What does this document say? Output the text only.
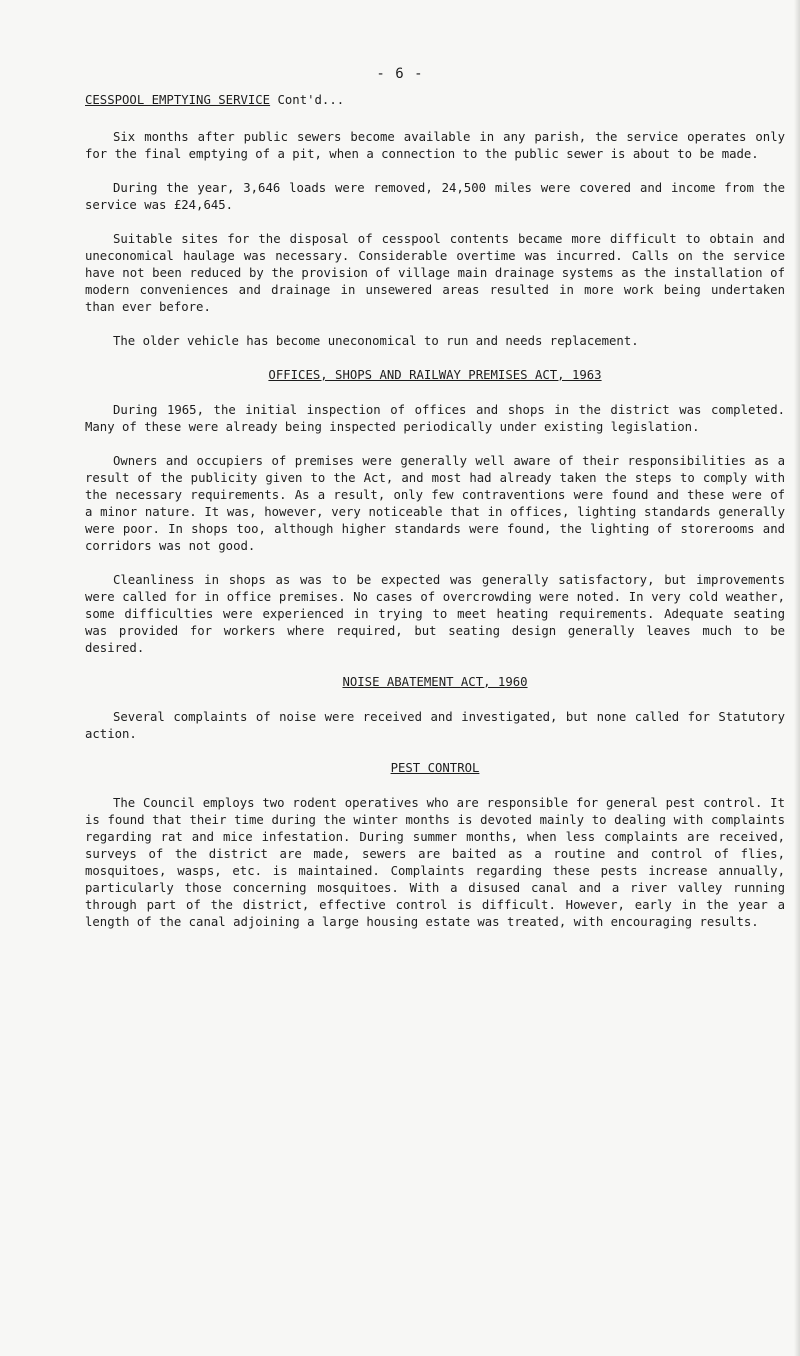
- 6 -
CESSPOOL EMPTYING SERVICE Cont'd...

Six months after public sewers become available in any parish, the service operates only for the final emptying of a pit, when a connection to the public sewer is about to be made.

During the year, 3,646 loads were removed, 24,500 miles were covered and income from the service was £24,645.

Suitable sites for the disposal of cesspool contents became more difficult to obtain and uneconomical haulage was necessary. Considerable overtime was incurred. Calls on the service have not been reduced by the provision of village main drainage systems as the installation of modern conveniences and drainage in unsewered areas resulted in more work being undertaken than ever before.

The older vehicle has become uneconomical to run and needs replacement.

OFFICES, SHOPS AND RAILWAY PREMISES ACT, 1963

During 1965, the initial inspection of offices and shops in the district was completed. Many of these were already being inspected periodically under existing legislation.

Owners and occupiers of premises were generally well aware of their responsibilities as a result of the publicity given to the Act, and most had already taken the steps to comply with the necessary requirements. As a result, only few contraventions were found and these were of a minor nature. It was, however, very noticeable that in offices, lighting standards generally were poor. In shops too, although higher standards were found, the lighting of storerooms and corridors was not good.

Cleanliness in shops as was to be expected was generally satisfactory, but improvements were called for in office premises. No cases of overcrowding were noted. In very cold weather, some difficulties were experienced in trying to meet heating requirements. Adequate seating was provided for workers where required, but seating design generally leaves much to be desired.

NOISE ABATEMENT ACT, 1960

Several complaints of noise were received and investigated, but none called for Statutory action.

PEST CONTROL

The Council employs two rodent operatives who are responsible for general pest control. It is found that their time during the winter months is devoted mainly to dealing with complaints regarding rat and mice infestation. During summer months, when less complaints are received, surveys of the district are made, sewers are baited as a routine and control of flies, mosquitoes, wasps, etc. is maintained. Complaints regarding these pests increase annually, particularly those concerning mosquitoes. With a disused canal and a river valley running through part of the district, effective control is difficult. However, early in the year a length of the canal adjoining a large housing estate was treated, with encouraging results.
